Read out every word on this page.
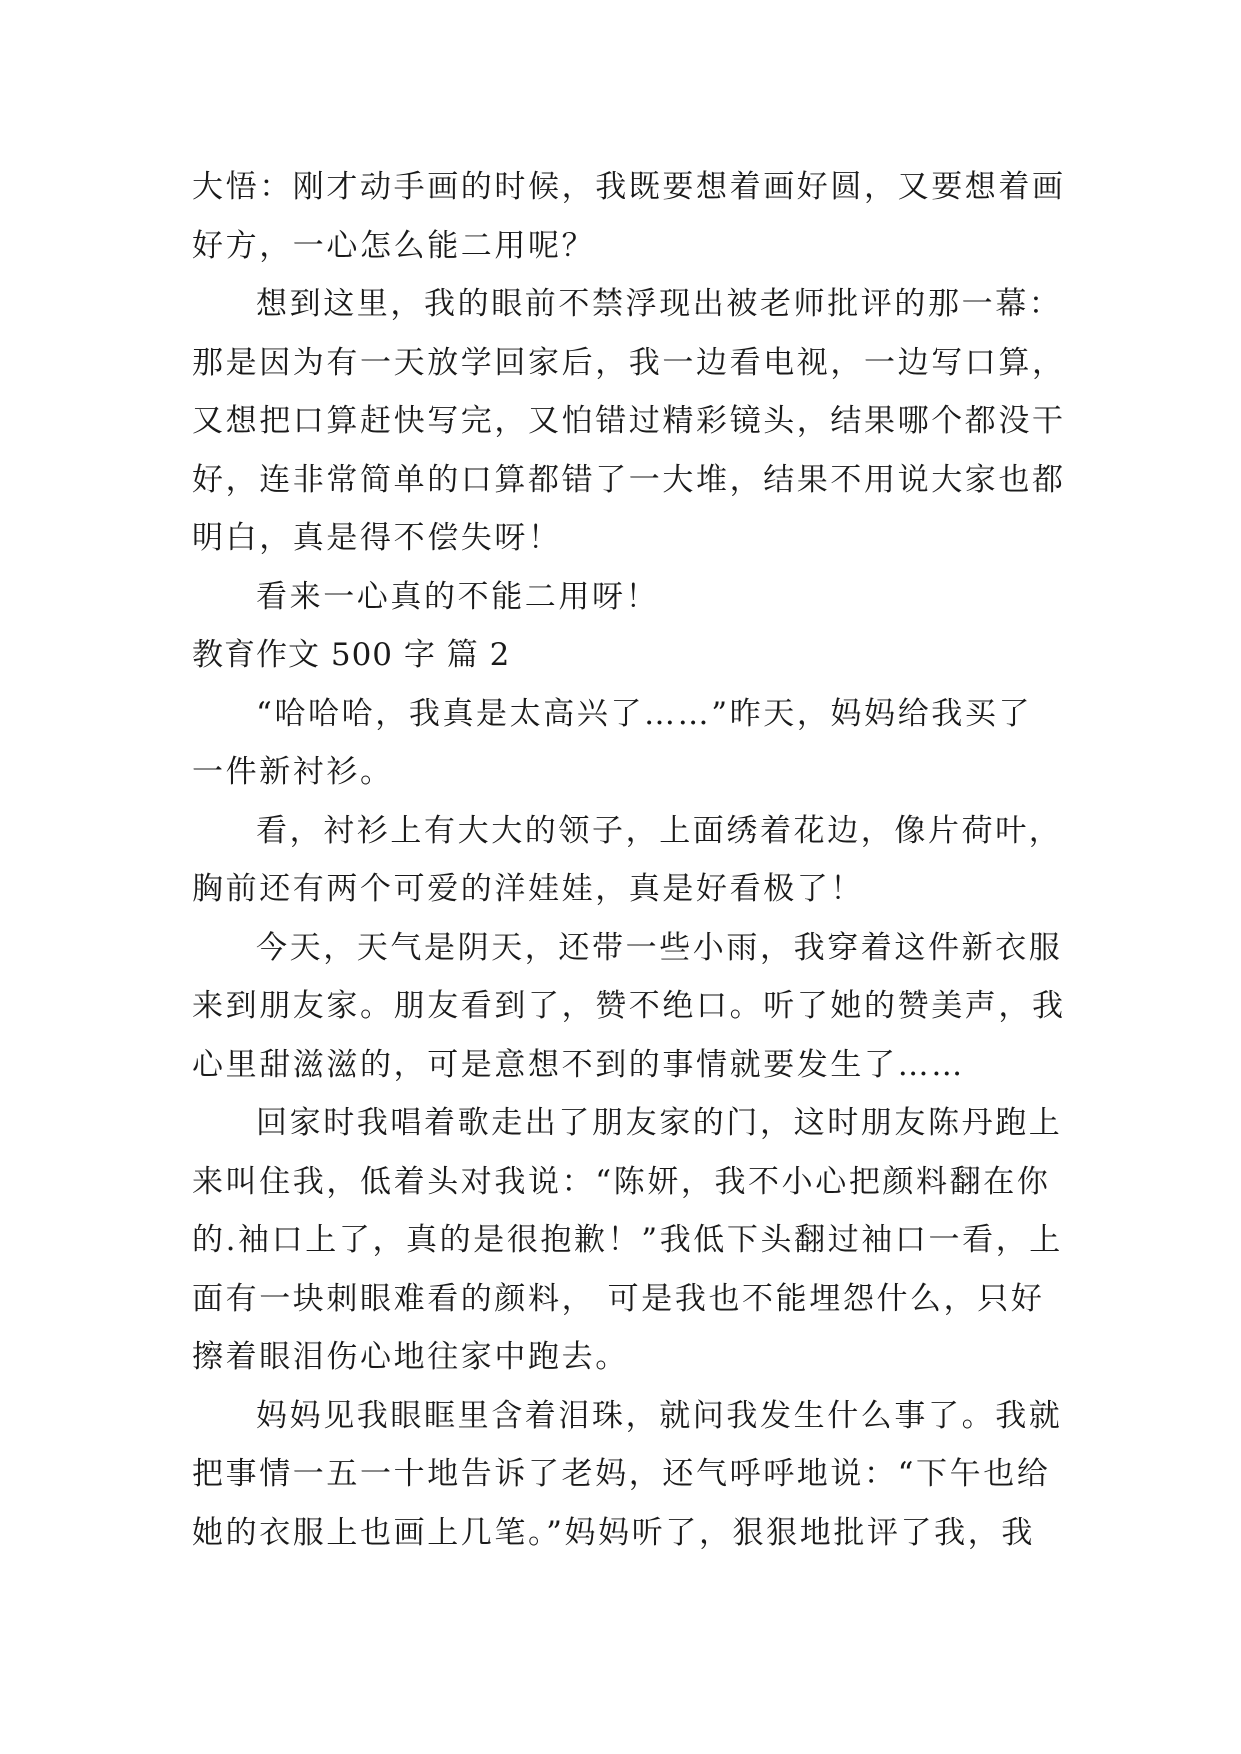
大悟：刚才动手画的时候，我既要想着画好圆，又要想着画
好方，一心怎么能二用呢？
想到这里，我的眼前不禁浮现出被老师批评的那一幕：
那是因为有一天放学回家后，我一边看电视，一边写口算，
又想把口算赶快写完，又怕错过精彩镜头，结果哪个都没干
好，连非常简单的口算都错了一大堆，结果不用说大家也都
明白，真是得不偿失呀！
看来一心真的不能二用呀！
教育作文 500 字 篇 2
“哈哈哈，我真是太高兴了……”昨天，妈妈给我买了
一件新衬衫。
看，衬衫上有大大的领子，上面绣着花边，像片荷叶，
胸前还有两个可爱的洋娃娃，真是好看极了！
今天，天气是阴天，还带一些小雨，我穿着这件新衣服
来到朋友家。朋友看到了，赞不绝口。听了她的赞美声，我
心里甜滋滋的，可是意想不到的事情就要发生了……
回家时我唱着歌走出了朋友家的门，这时朋友陈丹跑上
来叫住我，低着头对我说：“陈妍，我不小心把颜料翻在你
的.袖口上了，真的是很抱歉！”我低下头翻过袖口一看，上
面有一块刺眼难看的颜料， 可是我也不能埋怨什么，只好
擦着眼泪伤心地往家中跑去。
妈妈见我眼眶里含着泪珠，就问我发生什么事了。我就
把事情一五一十地告诉了老妈，还气呼呼地说：“下午也给
她的衣服上也画上几笔。”妈妈听了，狠狠地批评了我，我
